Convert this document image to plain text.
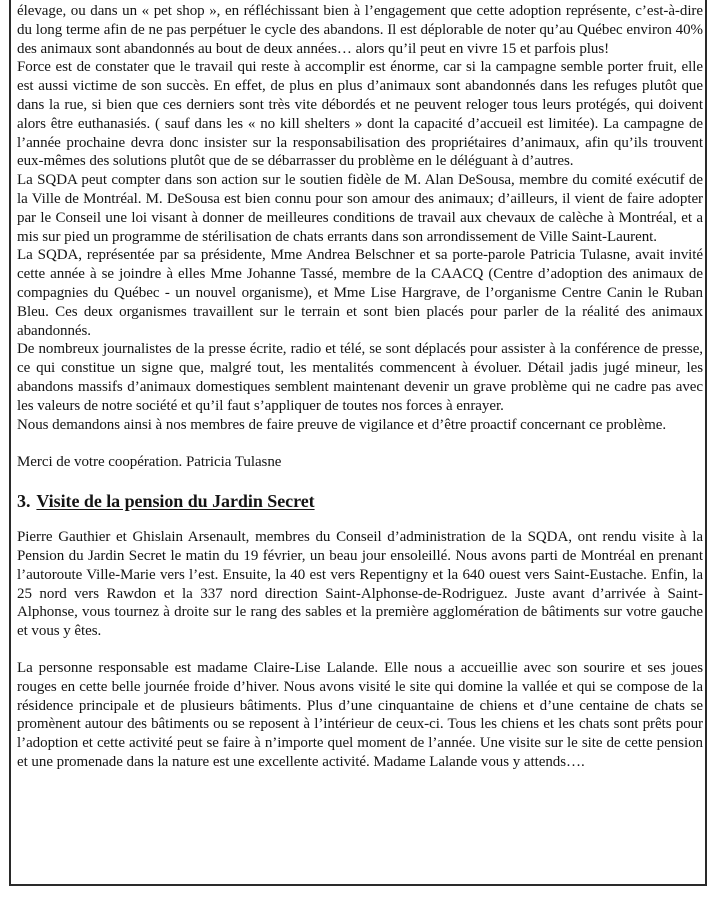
élevage, ou dans un « pet shop », en réfléchissant bien à l’engagement que cette adoption représente, c’est-à-dire du long terme afin de ne pas perpétuer le cycle des abandons. Il est déplorable de noter qu’au Québec environ 40% des animaux sont abandonnés au bout de deux années… alors qu’il peut en vivre 15 et parfois plus!

Force est de constater que le travail qui reste à accomplir est énorme, car si la campagne semble porter fruit, elle est aussi victime de son succès. En effet, de plus en plus d’animaux sont abandonnés dans les refuges plutôt que dans la rue, si bien que ces derniers sont très vite débordés et ne peuvent reloger tous leurs protégés, qui doivent alors être euthanasiés. ( sauf dans les « no kill shelters » dont la capacité d’accueil est limitée). La campagne de l’année prochaine devra donc insister sur la responsabilisation des propriétaires d’animaux, afin qu’ils trouvent eux-mêmes des solutions plutôt que de se débarrasser du problème en le déléguant à d’autres.

La SQDA peut compter dans son action sur le soutien fidèle de M. Alan DeSousa, membre du comité exécutif de la Ville de Montréal. M. DeSousa est bien connu pour son amour des animaux; d’ailleurs, il vient de faire adopter par le Conseil une loi visant à donner de meilleures conditions de travail aux chevaux de calèche à Montréal, et a mis sur pied un programme de stérilisation de chats errants dans son arrondissement de Ville Saint-Laurent.

La SQDA, représentée par sa présidente, Mme Andrea Belschner et sa porte-parole Patricia Tulasne, avait invité cette année à se joindre à elles Mme Johanne Tassé, membre de la CAACQ (Centre d’adoption des animaux de compagnies du Québec - un nouvel organisme), et Mme Lise Hargrave, de l’organisme Centre Canin le Ruban Bleu. Ces deux organismes travaillent sur le terrain et sont bien placés pour parler de la réalité des animaux abandonnés.

De nombreux journalistes de la presse écrite, radio et télé, se sont déplacés pour assister à la conférence de presse, ce qui constitue un signe que, malgré tout, les mentalités commencent à évoluer. Détail jadis jugé mineur, les abandons massifs d’animaux domestiques semblent maintenant devenir un grave problème qui ne cadre pas avec les valeurs de notre société et qu’il faut s’appliquer de toutes nos forces à enrayer.

Nous demandons ainsi à nos membres de faire preuve de vigilance et d’être proactif concernant ce problème.

Merci de votre coopération. Patricia Tulasne

3. Visite de la pension du Jardin Secret

Pierre Gauthier et Ghislain Arsenault, membres du Conseil d’administration de la SQDA, ont rendu visite à la Pension du Jardin Secret le matin du 19 février, un beau jour ensoleillé. Nous avons parti de Montréal en prenant l’autoroute Ville-Marie vers l’est. Ensuite, la 40 est vers Repentigny et la 640 ouest vers Saint-Eustache. Enfin, la 25 nord vers Rawdon et la 337 nord direction Saint-Alphonse-de-Rodriguez. Juste avant d’arrivée à Saint-Alphonse, vous tournez à droite sur le rang des sables et la première agglomération de bâtiments sur votre gauche et vous y êtes.

La personne responsable est madame Claire-Lise Lalande. Elle nous a accueillie avec son sourire et ses joues rouges en cette belle journée froide d’hiver. Nous avons visité le site qui domine la vallée et qui se compose de la résidence principale et de plusieurs bâtiments. Plus d’une cinquantaine de chiens et d’une centaine de chats se promènent autour des bâtiments ou se reposent à l’intérieur de ceux-ci. Tous les chiens et les chats sont prêts pour l’adoption et cette activité peut se faire à n’importe quel moment de l’année. Une visite sur le site de cette pension et une promenade dans la nature est une excellente activité. Madame Lalande vous y attends….
